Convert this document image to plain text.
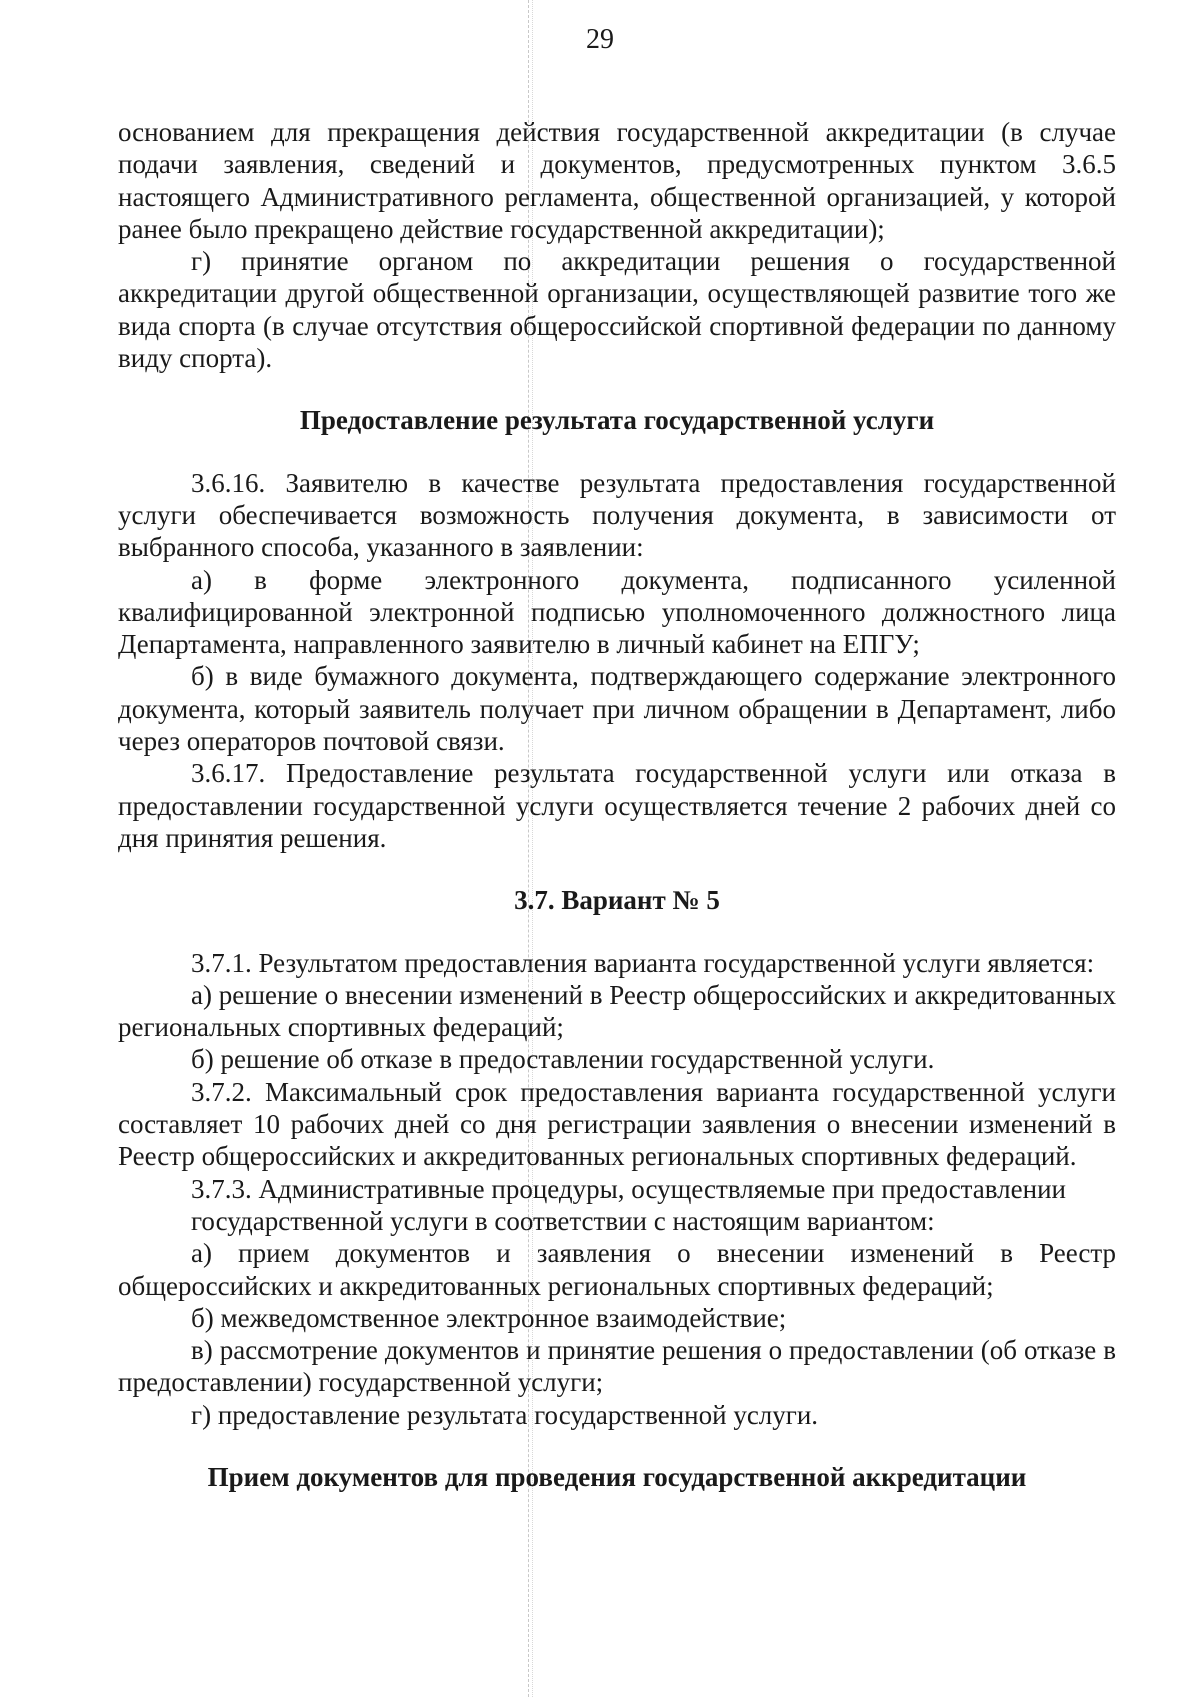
29

основанием для прекращения действия государственной аккредитации (в случае подачи заявления, сведений и документов, предусмотренных пунктом 3.6.5 настоящего Административного регламента, общественной организацией, у которой ранее было прекращено действие государственной аккредитации);

г) принятие органом по аккредитации решения о государственной аккредитации другой общественной организации, осуществляющей развитие того же вида спорта (в случае отсутствия общероссийской спортивной федерации по данному виду спорта).

Предоставление результата государственной услуги

3.6.16. Заявителю в качестве результата предоставления государственной услуги обеспечивается возможность получения документа, в зависимости от выбранного способа, указанного в заявлении:

а) в форме электронного документа, подписанного усиленной квалифицированной электронной подписью уполномоченного должностного лица Департамента, направленного заявителю в личный кабинет на ЕПГУ;

б) в виде бумажного документа, подтверждающего содержание электронного документа, который заявитель получает при личном обращении в Департамент, либо через операторов почтовой связи.

3.6.17. Предоставление результата государственной услуги или отказа в предоставлении государственной услуги осуществляется течение 2 рабочих дней со дня принятия решения.

3.7. Вариант № 5

3.7.1. Результатом предоставления варианта государственной услуги является:

а) решение о внесении изменений в Реестр общероссийских и аккредитованных региональных спортивных федераций;

б) решение об отказе в предоставлении государственной услуги.

3.7.2. Максимальный срок предоставления варианта государственной услуги составляет 10 рабочих дней со дня регистрации заявления о внесении изменений в Реестр общероссийских и аккредитованных региональных спортивных федераций.

3.7.3. Административные процедуры, осуществляемые при предоставлении

государственной услуги в соответствии с настоящим вариантом:

а) прием документов и заявления о внесении изменений в Реестр общероссийских и аккредитованных региональных спортивных федераций;

б) межведомственное электронное взаимодействие;

в) рассмотрение документов и принятие решения о предоставлении (об отказе в предоставлении) государственной услуги;

г) предоставление результата государственной услуги.

Прием документов для проведения государственной аккредитации
